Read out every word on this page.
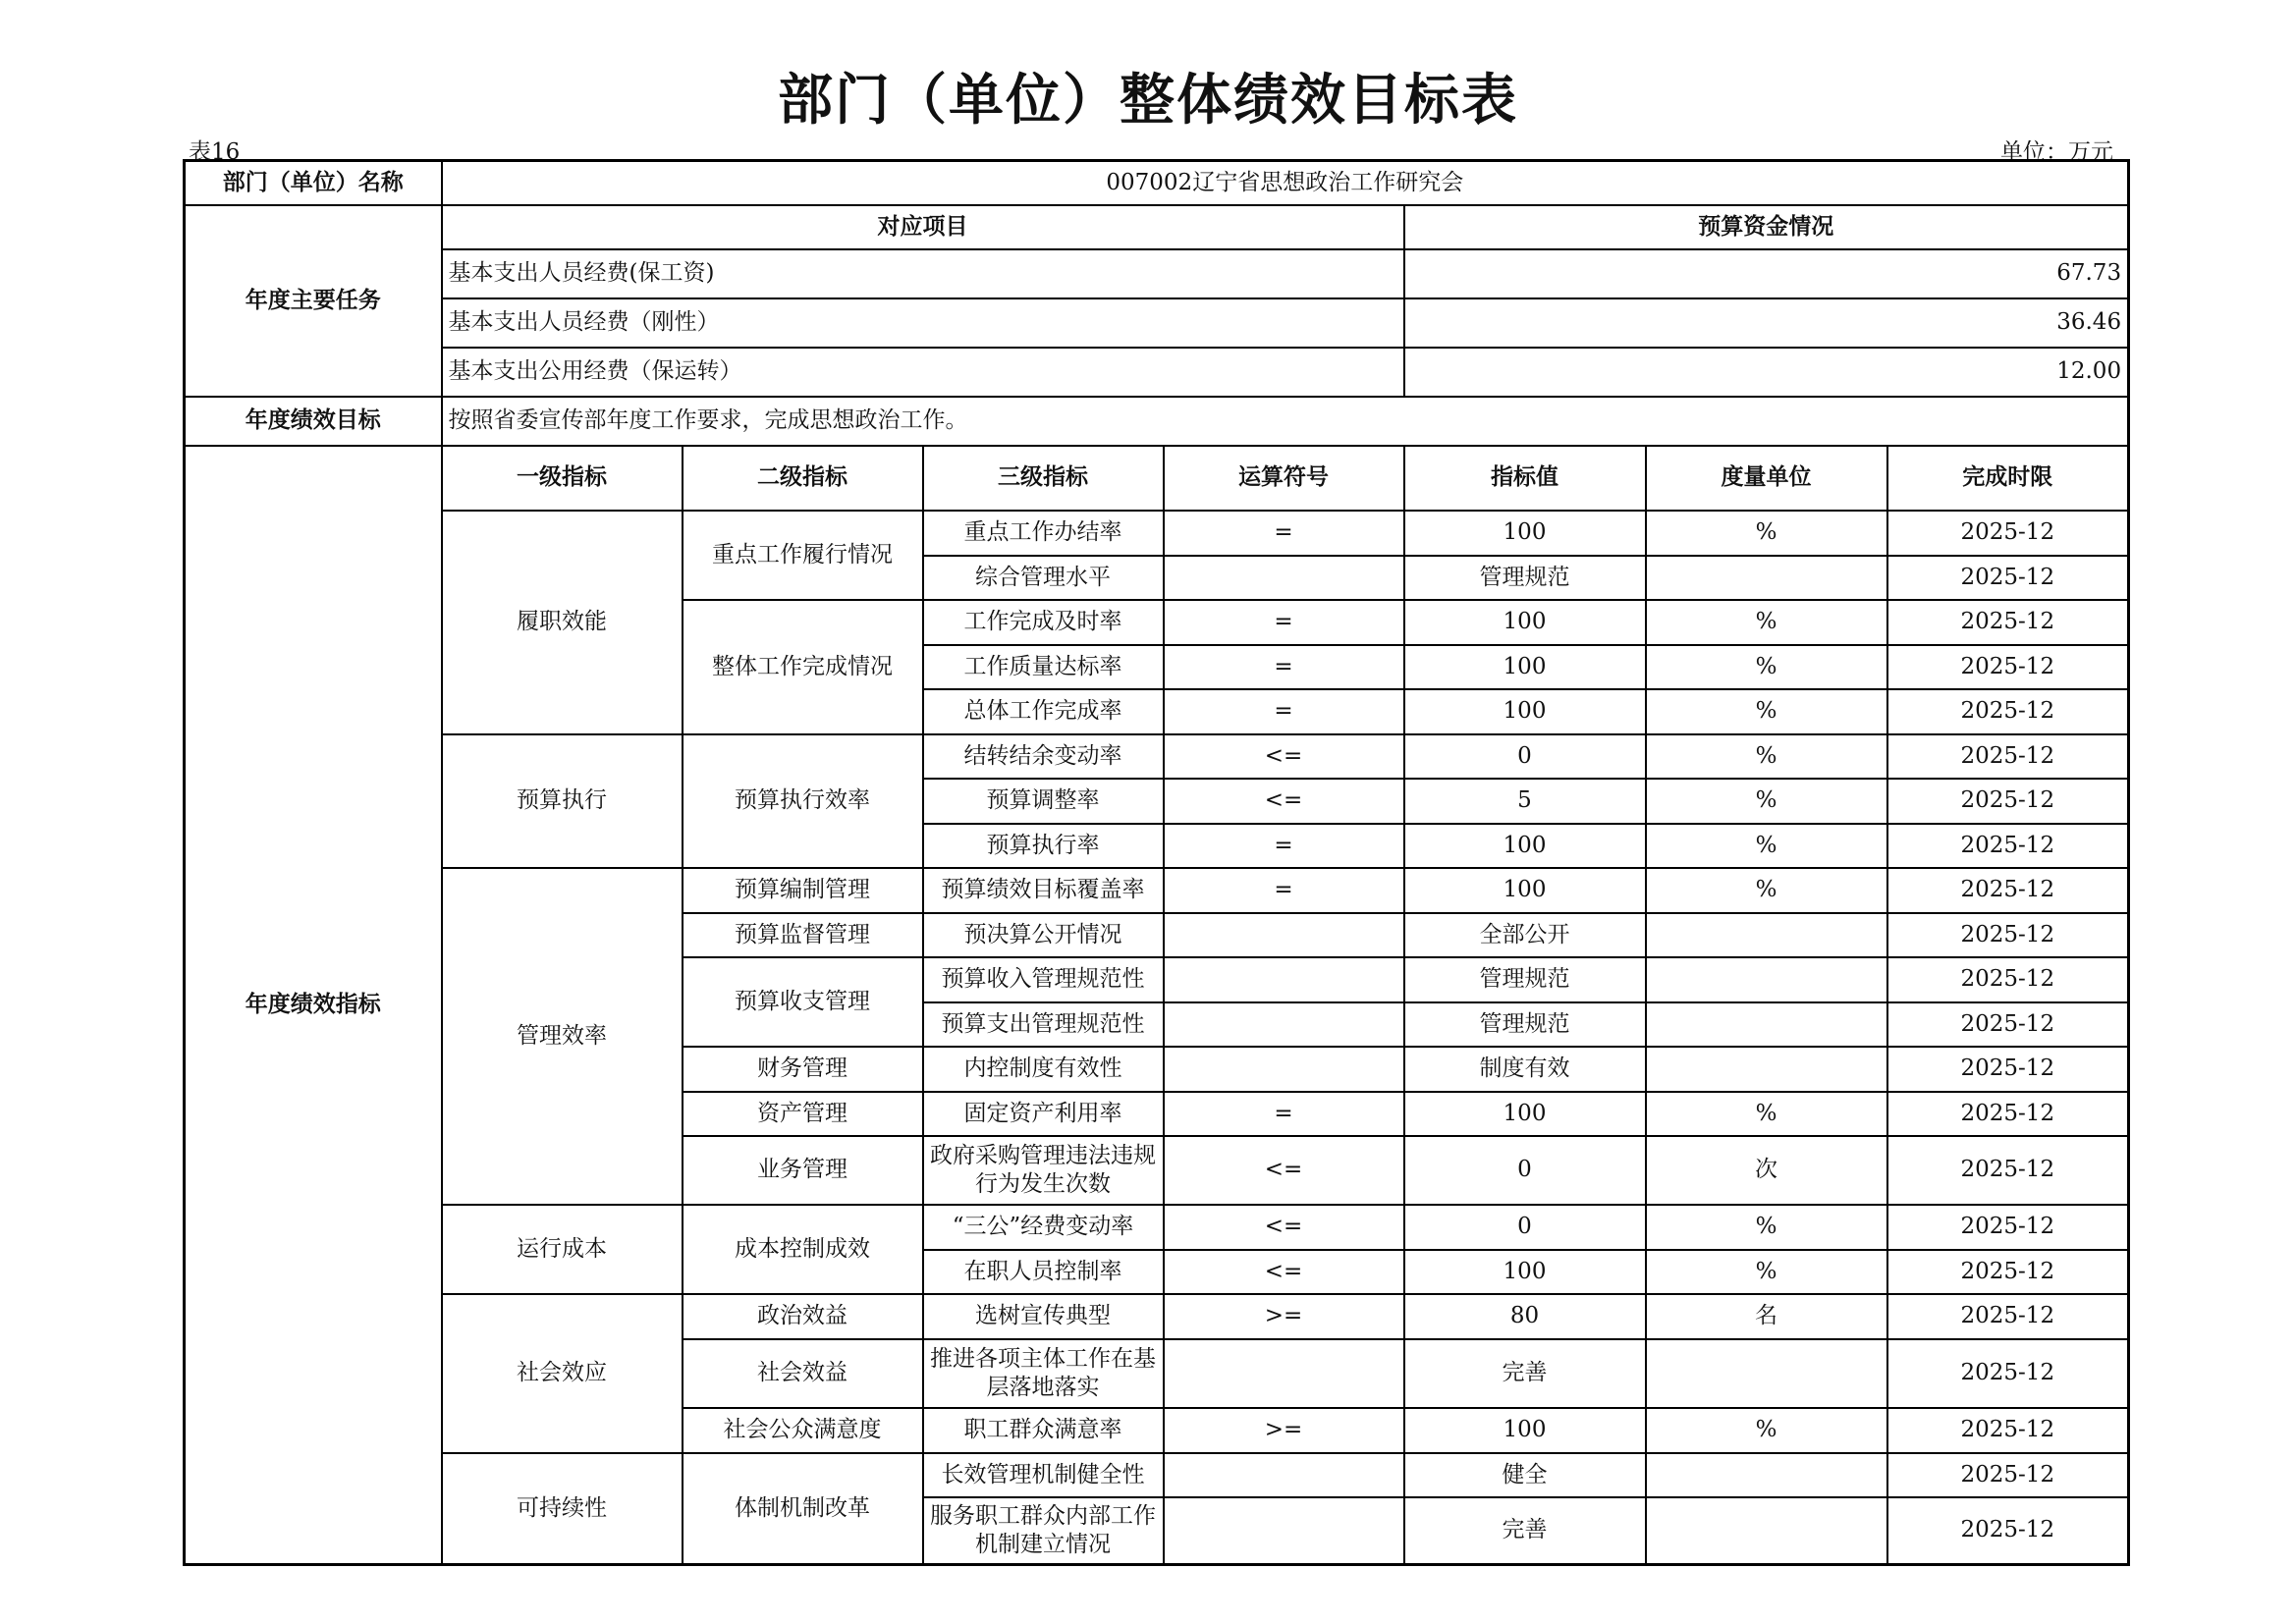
部门（单位）整体绩效目标表
表16	单位：万元
部门（单位）名称	007002辽宁省思想政治工作研究会						
年度主要任务	对应项目				预算资金情况		
	基本支出人员经费(保工资)				67.73		
	基本支出人员经费（刚性）				36.46		
	基本支出公用经费（保运转）				12.00		
年度绩效目标	按照省委宣传部年度工作要求，完成思想政治工作。						
年度绩效指标	一级指标	二级指标	三级指标	运算符号	指标值	度量单位	完成时限
	履职效能	重点工作履行情况	重点工作办结率	=	100	%	2025-12
			综合管理水平		管理规范		2025-12
		整体工作完成情况	工作完成及时率	=	100	%	2025-12
			工作质量达标率	=	100	%	2025-12
			总体工作完成率	=	100	%	2025-12
	预算执行	预算执行效率	结转结余变动率	<=	0	%	2025-12
			预算调整率	<=	5	%	2025-12
			预算执行率	=	100	%	2025-12
	管理效率	预算编制管理	预算绩效目标覆盖率	=	100	%	2025-12
		预算监督管理	预决算公开情况		全部公开		2025-12
		预算收支管理	预算收入管理规范性		管理规范		2025-12
			预算支出管理规范性		管理规范		2025-12
		财务管理	内控制度有效性		制度有效		2025-12
		资产管理	固定资产利用率	=	100	%	2025-12
		业务管理	政府采购管理违法违规行为发生次数	<=	0	次	2025-12
	运行成本	成本控制成效	“三公”经费变动率	<=	0	%	2025-12
			在职人员控制率	<=	100	%	2025-12
	社会效应	政治效益	选树宣传典型	>=	80	名	2025-12
		社会效益	推进各项主体工作在基层落地落实		完善		2025-12
		社会公众满意度	职工群众满意率	>=	100	%	2025-12
	可持续性	体制机制改革	长效管理机制健全性		健全		2025-12
			服务职工群众内部工作机制建立情况		完善		2025-12
